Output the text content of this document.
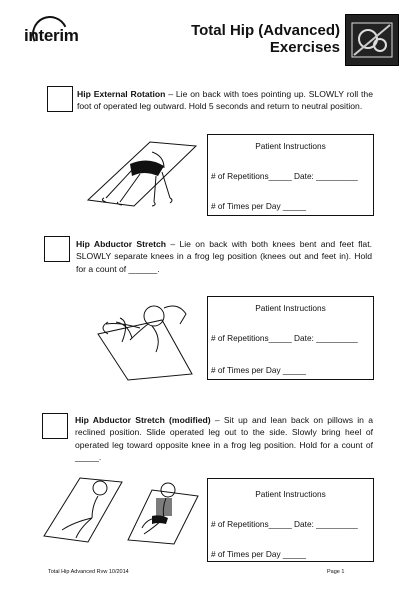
interim	Total Hip (Advanced)
Exercises
Hip External Rotation – Lie on back with toes pointing up. SLOWLY roll the foot of operated leg outward. Hold 5 seconds and return to neutral position.
Patient Instructions
# of Repetitions_____ Date: _________
# of Times per Day _____
Hip Abductor Stretch – Lie on back with both knees bent and feet flat. SLOWLY separate knees in a frog leg position (knees out and feet in). Hold for a count of ______.
Patient Instructions
# of Repetitions_____ Date: _________
# of Times per Day _____
Hip Abductor Stretch (modified) – Sit up and lean back on pillows in a reclined position. Slide operated leg out to the side. Slowly bring heel of operated leg toward opposite knee in a frog leg position. Hold for a count of _____.
Patient Instructions
# of Repetitions_____ Date: _________
# of Times per Day _____
Total Hip Advanced Rvw 10/2014	Page 1
